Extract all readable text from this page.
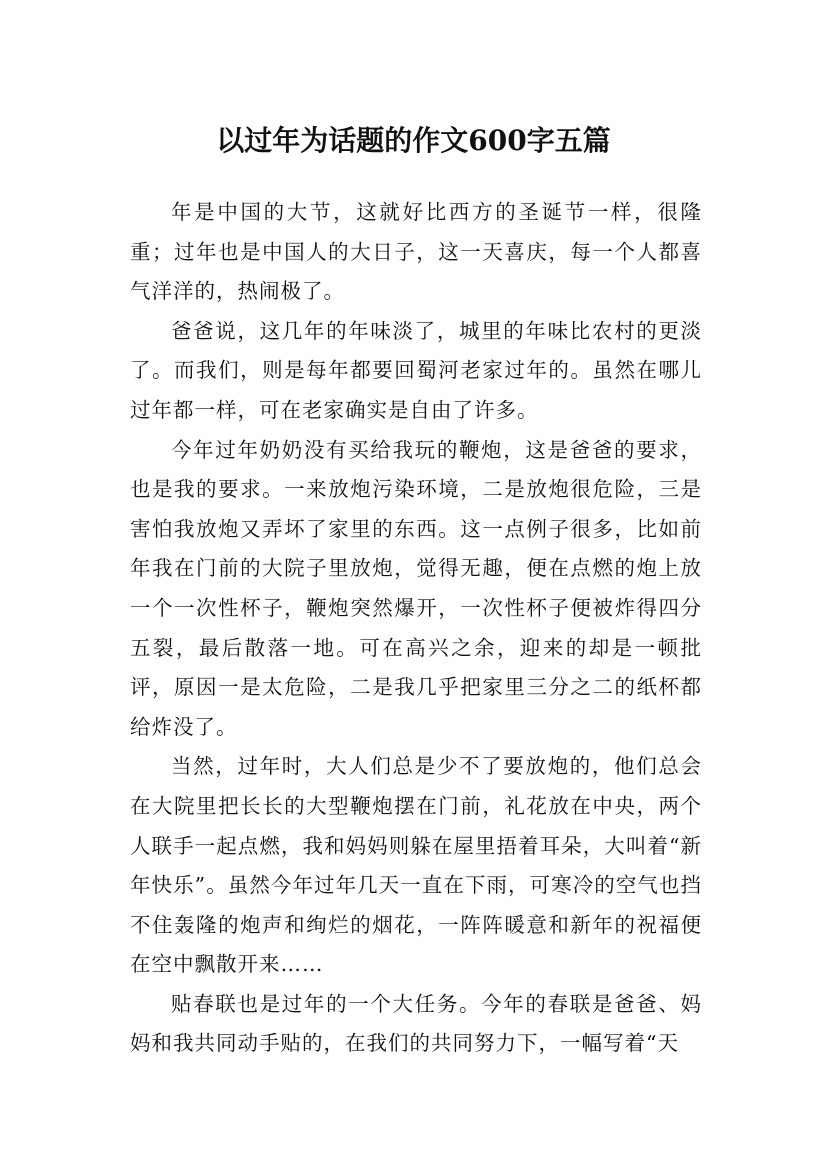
以过年为话题的作文600字五篇

年是中国的大节，这就好比西方的圣诞节一样，很隆重；过年也是中国人的大日子，这一天喜庆，每一个人都喜气洋洋的，热闹极了。

爸爸说，这几年的年味淡了，城里的年味比农村的更淡了。而我们，则是每年都要回蜀河老家过年的。虽然在哪儿过年都一样，可在老家确实是自由了许多。

今年过年奶奶没有买给我玩的鞭炮，这是爸爸的要求，也是我的要求。一来放炮污染环境，二是放炮很危险，三是害怕我放炮又弄坏了家里的东西。这一点例子很多，比如前年我在门前的大院子里放炮，觉得无趣，便在点燃的炮上放一个一次性杯子，鞭炮突然爆开，一次性杯子便被炸得四分五裂，最后散落一地。可在高兴之余，迎来的却是一顿批评，原因一是太危险，二是我几乎把家里三分之二的纸杯都给炸没了。

当然，过年时，大人们总是少不了要放炮的，他们总会在大院里把长长的大型鞭炮摆在门前，礼花放在中央，两个人联手一起点燃，我和妈妈则躲在屋里捂着耳朵，大叫着“新年快乐”。虽然今年过年几天一直在下雨，可寒冷的空气也挡不住轰隆的炮声和绚烂的烟花，一阵阵暖意和新年的祝福便在空中飘散开来……

贴春联也是过年的一个大任务。今年的春联是爸爸、妈妈和我共同动手贴的，在我们的共同努力下，一幅写着“天
